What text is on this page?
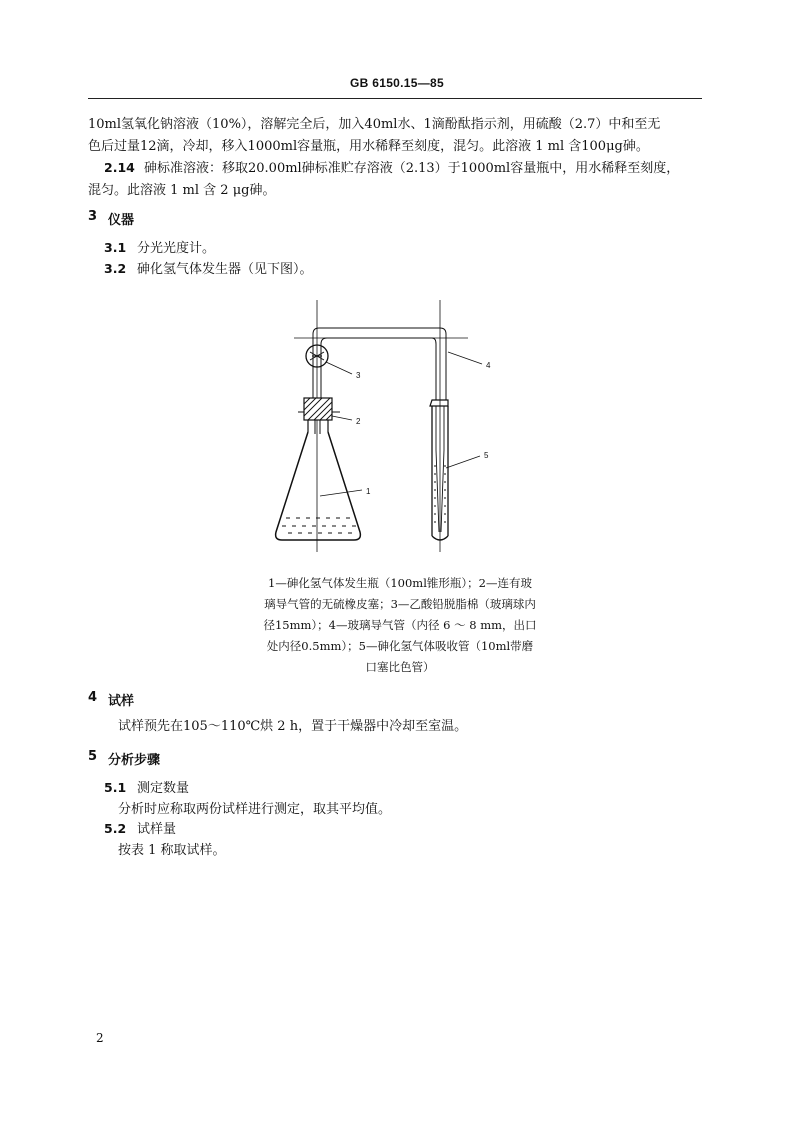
GB 6150.15—85
10ml氢氧化钠溶液（10%），溶解完全后，加入40ml水、1滴酚酞指示剂，用硫酸（2.7）中和至无
色后过量12滴，冷却，移入1000ml容量瓶，用水稀释至刻度，混匀。此溶液 1 ml 含100μg砷。
2.14 砷标准溶液：移取20.00ml砷标准贮存溶液（2.13）于1000ml容量瓶中，用水稀释至刻度，
混匀。此溶液 1 ml 含 2 μg砷。
3 仪器
3.1 分光光度计。
3.2 砷化氢气体发生器（见下图）。
1
2
3
4
5
1—砷化氢气体发生瓶（100ml锥形瓶）；2—连有玻
璃导气管的无硫橡皮塞；3—乙酸铅脱脂棉（玻璃球内
径15mm）；4—玻璃导气管（内径 6 ～ 8 mm，出口
处内径0.5mm）；5—砷化氢气体吸收管（10ml带磨
口塞比色管）
4 试样
试样预先在105～110℃烘 2 h，置于干燥器中冷却至室温。
5 分析步骤
5.1 测定数量
分析时应称取两份试样进行测定，取其平均值。
5.2 试样量
按表 1 称取试样。
2
